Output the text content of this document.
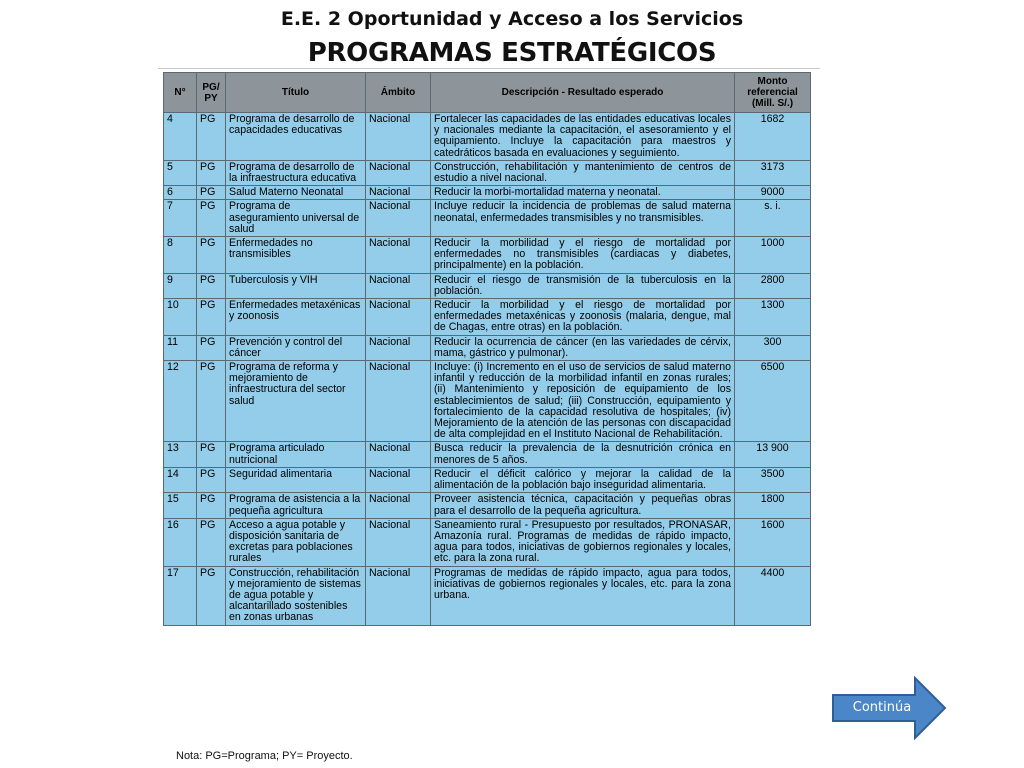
E.E. 2 Oportunidad y Acceso a los Servicios
PROGRAMAS ESTRATÉGICOS
N°	PG/ PY	Título	Ámbito	Descripción - Resultado esperado	Monto referencial (Mill. S/.)
4	PG	Programa de desarrollo de capacidades educativas	Nacional	Fortalecer las capacidades de las entidades educativas locales y nacionales mediante la capacitación, el asesoramiento y el equipamiento. Incluye la capacitación para maestros y catedráticos basada en evaluaciones y seguimiento.	1682
5	PG	Programa de desarrollo de la infraestructura educativa	Nacional	Construcción, rehabilitación y mantenimiento de centros de estudio a nivel nacional.	3173
6	PG	Salud Materno Neonatal	Nacional	Reducir la morbi-mortalidad materna y neonatal.	9000
7	PG	Programa de aseguramiento universal de salud	Nacional	Incluye reducir la incidencia de problemas de salud materna neonatal, enfermedades transmisibles y no transmisibles.	s. i.
8	PG	Enfermedades no transmisibles	Nacional	Reducir la morbilidad y el riesgo de mortalidad por enfermedades no transmisibles (cardiacas y diabetes, principalmente) en la población.	1000
9	PG	Tuberculosis y VIH	Nacional	Reducir el riesgo de transmisión de la tuberculosis en la población.	2800
10	PG	Enfermedades metaxénicas y zoonosis	Nacional	Reducir la morbilidad y el riesgo de mortalidad por enfermedades metaxénicas y zoonosis (malaria, dengue, mal de Chagas, entre otras) en la población.	1300
11	PG	Prevención y control del cáncer	Nacional	Reducir la ocurrencia de cáncer (en las variedades de cérvix, mama, gástrico y pulmonar).	300
12	PG	Programa de reforma y mejoramiento de infraestructura del sector salud	Nacional	Incluye: (i) Incremento en el uso de servicios de salud materno infantil y reducción de la morbilidad infantil en zonas rurales; (ii) Mantenimiento y reposición de equipamiento de los establecimientos de salud; (iii) Construcción, equipamiento y fortalecimiento de la capacidad resolutiva de hospitales; (iv) Mejoramiento de la atención de las personas con discapacidad de alta complejidad en el Instituto Nacional de Rehabilitación.	6500
13	PG	Programa articulado nutricional	Nacional	Busca reducir la prevalencia de la desnutrición crónica en menores de 5 años.	13 900
14	PG	Seguridad alimentaria	Nacional	Reducir el déficit calórico y mejorar la calidad de la alimentación de la población bajo inseguridad alimentaria.	3500
15	PG	Programa de asistencia a la pequeña agricultura	Nacional	Proveer asistencia técnica, capacitación y pequeñas obras para el desarrollo de la pequeña agricultura.	1800
16	PG	Acceso a agua potable y disposición sanitaria de excretas para poblaciones rurales	Nacional	Saneamiento rural - Presupuesto por resultados, PRONASAR, Amazonía rural. Programas de medidas de rápido impacto, agua para todos, iniciativas de gobiernos regionales y locales, etc. para la zona rural.	1600
17	PG	Construcción, rehabilitación y mejoramiento de sistemas de agua potable y alcantarillado sostenibles en zonas urbanas	Nacional	Programas de medidas de rápido impacto, agua para todos, iniciativas de gobiernos regionales y locales, etc. para la zona urbana.	4400
Nota: PG=Programa; PY= Proyecto.
Continúa
